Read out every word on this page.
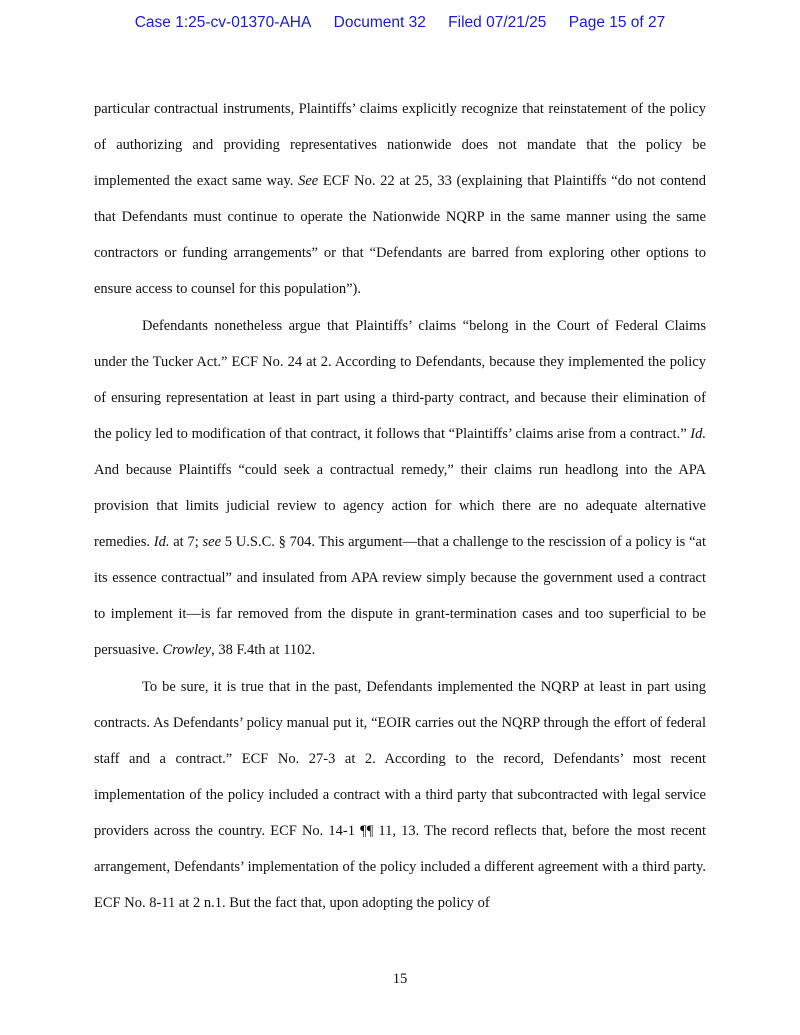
Case 1:25-cv-01370-AHA Document 32 Filed 07/21/25 Page 15 of 27

particular contractual instruments, Plaintiffs’ claims explicitly recognize that reinstatement of the policy of authorizing and providing representatives nationwide does not mandate that the policy be implemented the exact same way. See ECF No. 22 at 25, 33 (explaining that Plaintiffs “do not contend that Defendants must continue to operate the Nationwide NQRP in the same manner using the same contractors or funding arrangements” or that “Defendants are barred from exploring other options to ensure access to counsel for this population”).

Defendants nonetheless argue that Plaintiffs’ claims “belong in the Court of Federal Claims under the Tucker Act.” ECF No. 24 at 2. According to Defendants, because they implemented the policy of ensuring representation at least in part using a third-party contract, and because their elimination of the policy led to modification of that contract, it follows that “Plaintiffs’ claims arise from a contract.” Id. And because Plaintiffs “could seek a contractual remedy,” their claims run headlong into the APA provision that limits judicial review to agency action for which there are no adequate alternative remedies. Id. at 7; see 5 U.S.C. § 704. This argument—that a challenge to the rescission of a policy is “at its essence contractual” and insulated from APA review simply because the government used a contract to implement it—is far removed from the dispute in grant-termination cases and too superficial to be persuasive. Crowley, 38 F.4th at 1102.

To be sure, it is true that in the past, Defendants implemented the NQRP at least in part using contracts. As Defendants’ policy manual put it, “EOIR carries out the NQRP through the effort of federal staff and a contract.” ECF No. 27-3 at 2. According to the record, Defendants’ most recent implementation of the policy included a contract with a third party that subcontracted with legal service providers across the country. ECF No. 14-1 ¶¶ 11, 13. The record reflects that, before the most recent arrangement, Defendants’ implementation of the policy included a different agreement with a third party. ECF No. 8-11 at 2 n.1. But the fact that, upon adopting the policy of

15
